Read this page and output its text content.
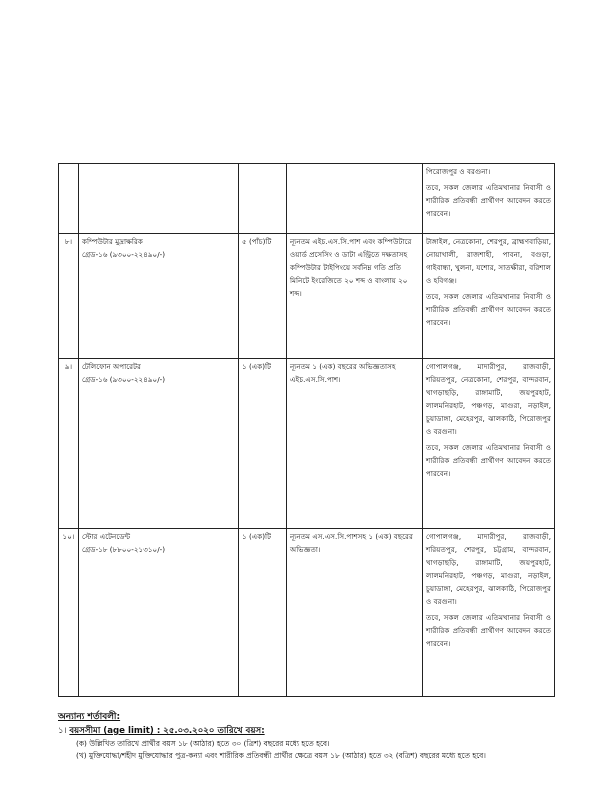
				পিরোজপুর ও বরগুনা।
তবে, সকল জেলার এতিমখানার নিবাসী ও শারীরিক প্রতিবন্ধী প্রার্থীগণ আবেদন করতে পারবেন।

৮।	কম্পিউটার মুদ্রাক্ষরিক
গ্রেড-১৬ (৯৩০০-২২৪৯০/-)	৫ (পাঁচ)টি	ন্যূনতম এইচ.এস.সি.পাশ এবং কম্পিউটারে ওয়ার্ড প্রসেসিং ও ডাটা এন্ট্রিতে দক্ষতাসহ কম্পিউটার টাইপিংয়ে সর্বনিম্ন গতি প্রতি মিনিটে ইংরেজিতে ২০ শব্দ ও বাংলায় ২০ শব্দ।	টাঙ্গাইল, নেত্রকোনা, শেরপুর, ব্রাহ্মণবাড়িয়া, নোয়াখালী, রাজশাহী, পাবনা, বগুড়া, গাইবান্ধা, খুলনা, যশোর, সাতক্ষীরা, বরিশাল ও হবিগঞ্জ।
তবে, সকল জেলার এতিমখানার নিবাসী ও শারীরিক প্রতিবন্ধী প্রার্থীগণ আবেদন করতে পারবেন।

৯।	টেলিফোন অপারেটর
গ্রেড-১৬ (৯৩০০-২২৪৯০/-)	১ (এক)টি	ন্যূনতম ১ (এক) বছরের অভিজ্ঞতাসহ এইচ.এস.সি.পাশ।	গোপালগঞ্জ, মাদারীপুর, রাজবাড়ী, শরিয়তপুর, নেত্রকোনা, শেরপুর, বান্দরবান, খাগড়াছড়ি, রাঙ্গামাটি, জয়পুরহাট, লালমনিরহাট, পঞ্চগড়, মাগুরা, নড়াইল, চুয়াডাঙ্গা, মেহেরপুর, ঝালকাঠি, পিরোজপুর ও বরগুনা।
তবে, সকল জেলার এতিমখানার নিবাসী ও শারীরিক প্রতিবন্ধী প্রার্থীগণ আবেদন করতে পারবেন।

১০।	স্টোর এটেনডেন্ট
গ্রেড-১৮ (৮৮০০-২১৩১০/-)	১ (এক)টি	ন্যূনতম এস.এস.সি.পাশসহ ১ (এক) বছরের অভিজ্ঞতা।	গোপালগঞ্জ, মাদারীপুর, রাজবাড়ী, শরিয়তপুর, শেরপুর, চট্টগ্রাম, বান্দরবান, খাগড়াছড়ি, রাঙ্গামাটি, জয়পুরহাট, লালমনিরহাট, পঞ্চগড়, মাগুরা, নড়াইল, চুয়াডাঙ্গা, মেহেরপুর, ঝালকাঠি, পিরোজপুর ও বরগুনা।
তবে, সকল জেলার এতিমখানার নিবাসী ও শারীরিক প্রতিবন্ধী প্রার্থীগণ আবেদন করতে পারবেন।
অন্যান্য শর্তাবলী:
১। বয়সসীমা (age limit) : ২৫.০৩.২০২০ তারিখে বয়স:
(ক) উল্লিখিত তারিখে প্রার্থীর বয়স ১৮ (আঠার) হতে ৩০ (ত্রিশ) বছরের মধ্যে হতে হবে।
(খ) মুক্তিযোদ্ধা/শহীদ মুক্তিযোদ্ধার পুত্র-কন্যা এবং শারীরিক প্রতিবন্ধী প্রার্থীর ক্ষেত্রে বয়স ১৮ (আঠার) হতে ৩২ (বত্রিশ) বছরের মধ্যে হতে হবে।
